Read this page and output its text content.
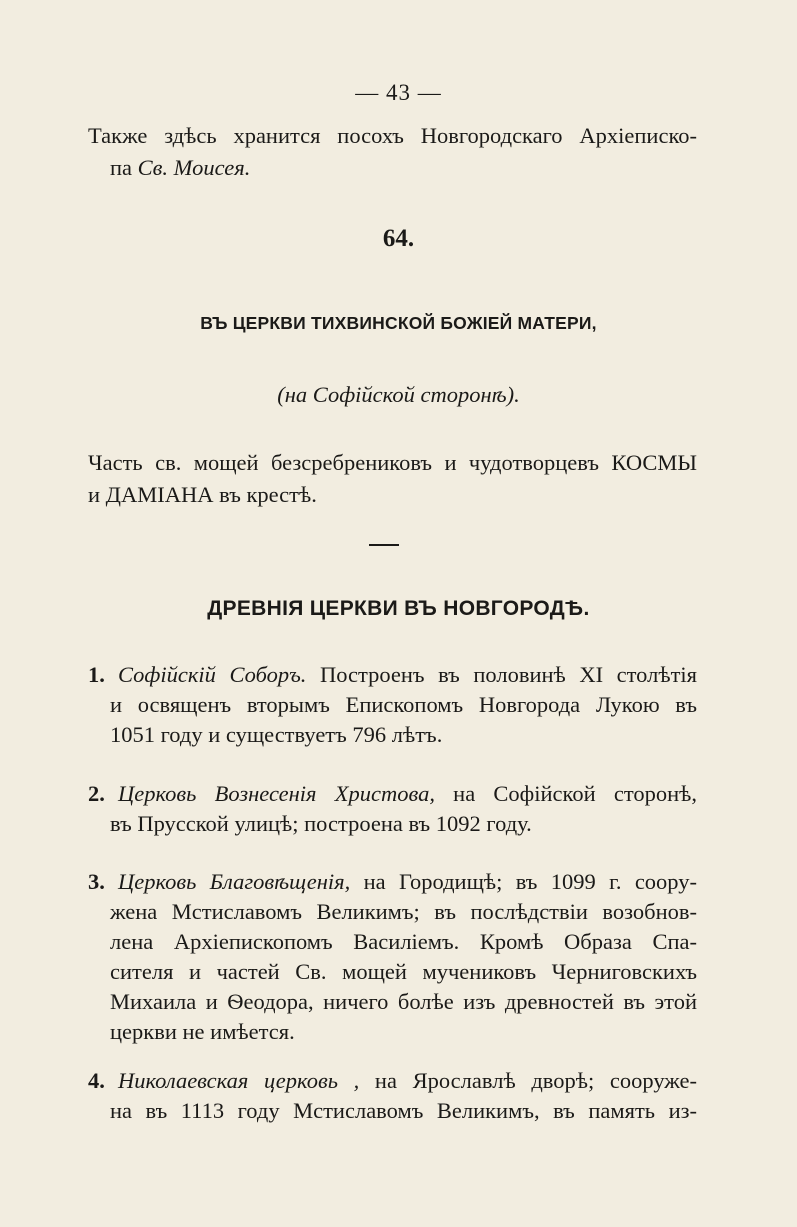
— 43 —
Также здѣсь хранится посохъ Новгородскаго Архіеписко-
па Св. Моисея.
64.
ВЪ ЦЕРКВИ ТИХВИНСКОЙ БОЖІЕЙ МАТЕРИ,
(на Софійской сторонѣ).
Часть св. мощей безсребрениковъ и чудотворцевъ КОСМЫ
и ДАМІАНА въ крестѣ.
ДРЕВНІЯ ЦЕРКВИ ВЪ НОВГОРОДѢ.
1. Софійскій Соборъ. Построенъ въ половинѣ XI столѣтія
и освященъ вторымъ Епископомъ Новгорода Лукою въ
1051 году и существуетъ 796 лѣтъ.
2. Церковь Вознесенія Христова, на Софійской сторонѣ,
въ Прусской улицѣ; построена въ 1092 году.
3. Церковь Благовѣщенія, на Городищѣ; въ 1099 г. соору-
жена Мстиславомъ Великимъ; въ послѣдствіи возобнов-
лена Архіепископомъ Василіемъ. Кромѣ Образа Спа-
сителя и частей Св. мощей мучениковъ Черниговскихъ
Михаила и Ѳеодора, ничего болѣе изъ древностей въ этой
церкви не имѣется.
4. Николаевская церковь , на Ярославлѣ дворѣ; сооруже-
на въ 1113 году Мстиславомъ Великимъ, въ память из-
